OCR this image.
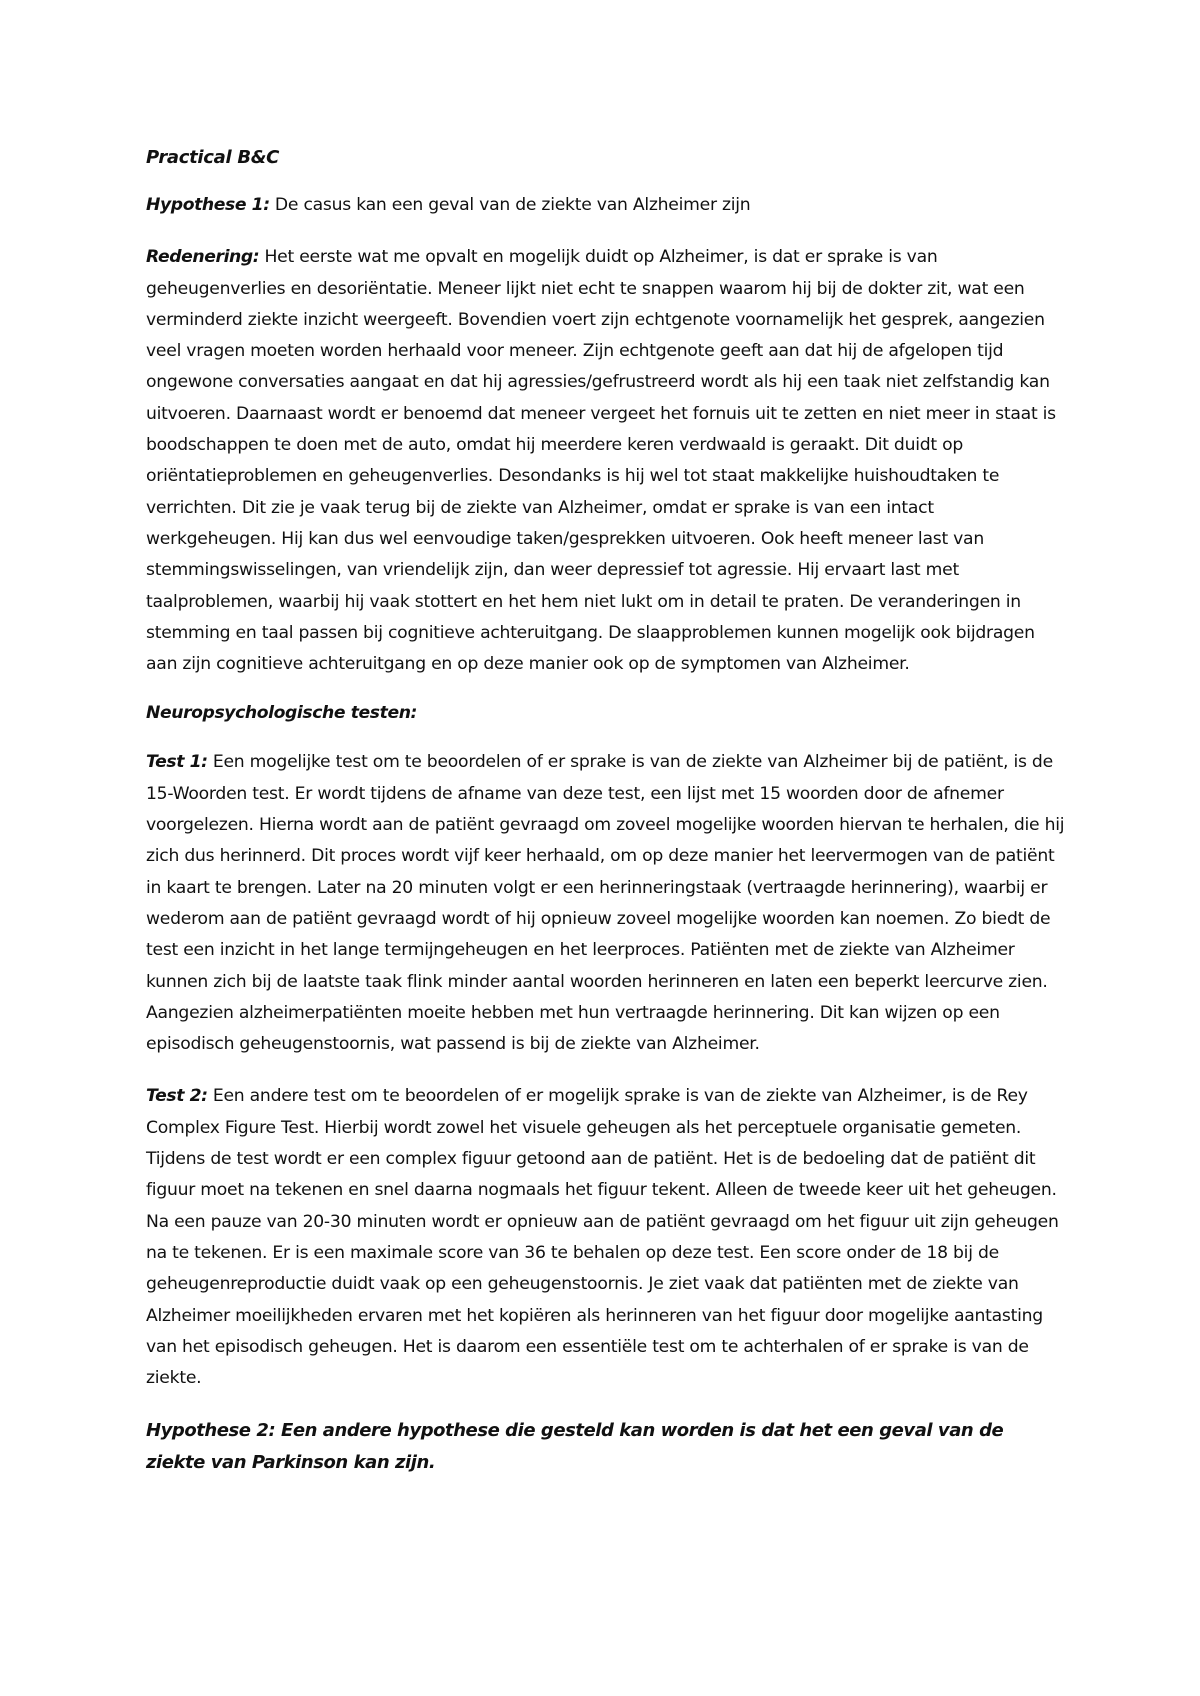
Practical B&C

Hypothese 1: De casus kan een geval van de ziekte van Alzheimer zijn

Redenering: Het eerste wat me opvalt en mogelijk duidt op Alzheimer, is dat er sprake is van geheugenverlies en desoriëntatie. Meneer lijkt niet echt te snappen waarom hij bij de dokter zit, wat een verminderd ziekte inzicht weergeeft. Bovendien voert zijn echtgenote voornamelijk het gesprek, aangezien veel vragen moeten worden herhaald voor meneer. Zijn echtgenote geeft aan dat hij de afgelopen tijd ongewone conversaties aangaat en dat hij agressies/gefrustreerd wordt als hij een taak niet zelfstandig kan uitvoeren. Daarnaast wordt er benoemd dat meneer vergeet het fornuis uit te zetten en niet meer in staat is boodschappen te doen met de auto, omdat hij meerdere keren verdwaald is geraakt. Dit duidt op oriëntatieproblemen en geheugenverlies. Desondanks is hij wel tot staat makkelijke huishoudtaken te verrichten. Dit zie je vaak terug bij de ziekte van Alzheimer, omdat er sprake is van een intact werkgeheugen. Hij kan dus wel eenvoudige taken/gesprekken uitvoeren. Ook heeft meneer last van stemmingswisselingen, van vriendelijk zijn, dan weer depressief tot agressie. Hij ervaart last met taalproblemen, waarbij hij vaak stottert en het hem niet lukt om in detail te praten. De veranderingen in stemming en taal passen bij cognitieve achteruitgang. De slaapproblemen kunnen mogelijk ook bijdragen aan zijn cognitieve achteruitgang en op deze manier ook op de symptomen van Alzheimer.

Neuropsychologische testen:

Test 1: Een mogelijke test om te beoordelen of er sprake is van de ziekte van Alzheimer bij de patiënt, is de 15-Woorden test. Er wordt tijdens de afname van deze test, een lijst met 15 woorden door de afnemer voorgelezen. Hierna wordt aan de patiënt gevraagd om zoveel mogelijke woorden hiervan te herhalen, die hij zich dus herinnerd. Dit proces wordt vijf keer herhaald, om op deze manier het leervermogen van de patiënt in kaart te brengen. Later na 20 minuten volgt er een herinneringstaak (vertraagde herinnering), waarbij er wederom aan de patiënt gevraagd wordt of hij opnieuw zoveel mogelijke woorden kan noemen. Zo biedt de test een inzicht in het lange termijngeheugen en het leerproces. Patiënten met de ziekte van Alzheimer kunnen zich bij de laatste taak flink minder aantal woorden herinneren en laten een beperkt leercurve zien. Aangezien alzheimerpatiënten moeite hebben met hun vertraagde herinnering. Dit kan wijzen op een episodisch geheugenstoornis, wat passend is bij de ziekte van Alzheimer.

Test 2: Een andere test om te beoordelen of er mogelijk sprake is van de ziekte van Alzheimer, is de Rey Complex Figure Test. Hierbij wordt zowel het visuele geheugen als het perceptuele organisatie gemeten. Tijdens de test wordt er een complex figuur getoond aan de patiënt. Het is de bedoeling dat de patiënt dit figuur moet na tekenen en snel daarna nogmaals het figuur tekent. Alleen de tweede keer uit het geheugen. Na een pauze van 20-30 minuten wordt er opnieuw aan de patiënt gevraagd om het figuur uit zijn geheugen na te tekenen. Er is een maximale score van 36 te behalen op deze test. Een score onder de 18 bij de geheugenreproductie duidt vaak op een geheugenstoornis. Je ziet vaak dat patiënten met de ziekte van Alzheimer moeilijkheden ervaren met het kopiëren als herinneren van het figuur door mogelijke aantasting van het episodisch geheugen. Het is daarom een essentiële test om te achterhalen of er sprake is van de ziekte.

Hypothese 2: Een andere hypothese die gesteld kan worden is dat het een geval van de ziekte van Parkinson kan zijn.
